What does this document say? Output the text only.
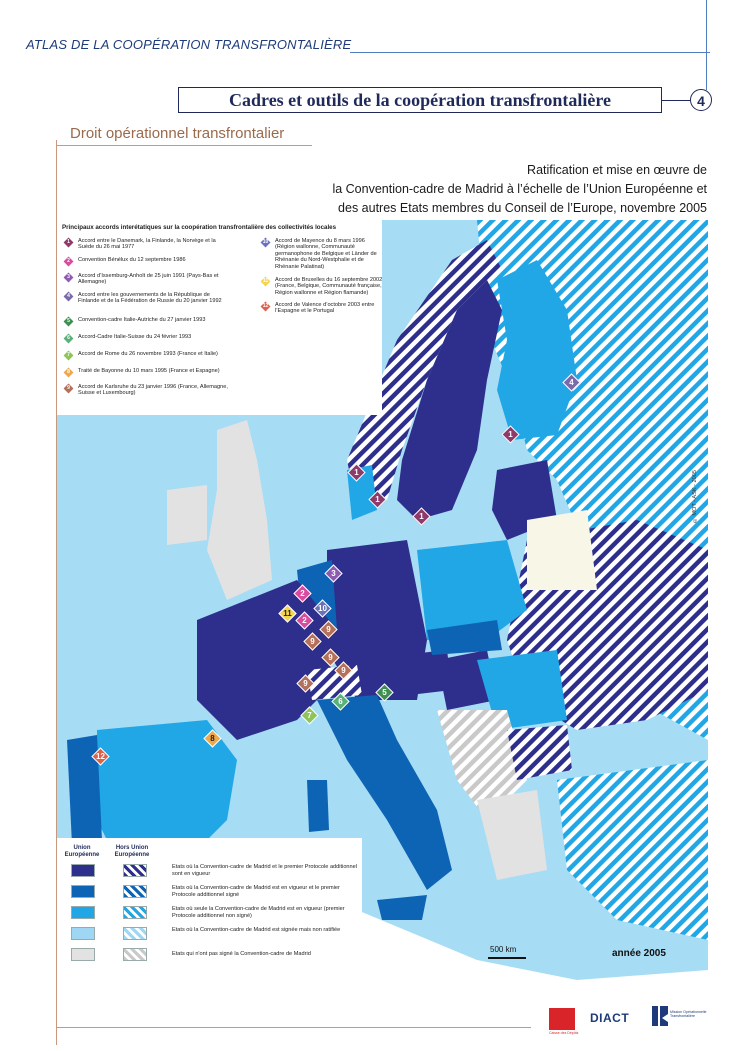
ATLAS DE LA COOPÉRATION TRANSFRONTALIÈRE
Cadres et outils de la coopération transfrontalière	4
Droit opérationnel transfrontalier
Ratification et mise en œuvre de
la Convention-cadre de Madrid à l’échelle de l’Union Européenne et
des autres Etats membres du Conseil de l’Europe, novembre 2005
Principaux accords interétatiques sur la coopération transfrontalière des collectivités locales
1	Accord entre le Danemark, la Finlande, la Norvège et la Suède du 26 mai 1977
2	Convention Bénélux du 12 septembre 1986
3	Accord d’Issemburg-Anholt de 25 juin 1991 (Pays-Bas et Allemagne)
4	Accord entre les gouvernements de la République de Finlande et de la Fédération de Russie du 20 janvier 1992
5	Convention-cadre Italie-Autriche du 27 janvier 1993
6	Accord-Cadre Italie-Suisse du 24 février 1993
7	Accord de Rome du 26 novembre 1993 (France et Italie)
8	Traité de Bayonne du 10 mars 1995 (France et Espagne)
9	Accord de Karlsruhe du 23 janvier 1996 (France, Allemagne, Suisse et Luxembourg)
10 Accord de Mayence du 8 mars 1996 (Région wallonne, Communauté germanophone de Belgique et Länder de Rhénanie du Nord-Westphalie et de Rhénanie Palatinat)
11 Accord de Bruxelles du 16 septembre 2002 (France, Belgique, Communauté française, Région wallonne et Région flamande)
12 Accord de Valence d’octobre 2003 entre l’Espagne et le Portugal
1
1
1
1
4
3
2
2
11
10
9
9
9
9
9
6
5
7
8
12
© MOT - ASK - 2005
Union Européenne
Hors Union Européenne
Etats où la Convention-cadre de Madrid et le premier Protocole additionnel sont en vigueur
Etats où la Convention-cadre de Madrid est en vigueur et le premier Protocole additionnel signé
Etats où seule la Convention-cadre de Madrid est en vigueur (premier Protocole additionnel non signé)
Etats où la Convention-cadre de Madrid est signée mais non ratifiée
Etats qui n'ont pas signé la Convention-cadre de Madrid	500 km	année 2005
Caisse des Dépôts
DIACT	Mission Opérationnelle Transfrontalière
